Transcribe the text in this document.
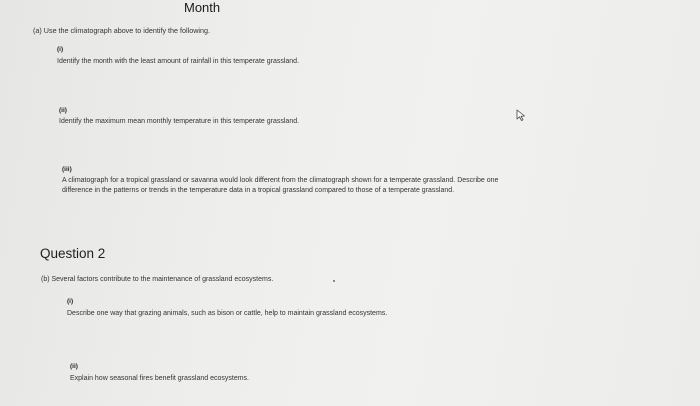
Month
(a) Use the climatograph above to identify the following.
(i)
Identify the month with the least amount of rainfall in this temperate grassland.
(ii)
Identify the maximum mean monthly temperature in this temperate grassland.
(iii)
A climatograph for a tropical grassland or savanna would look different from the climatograph shown for a temperate grassland. Describe one
difference in the patterns or trends in the temperature data in a tropical grassland compared to those of a temperate grassland.
Question 2
(b) Several factors contribute to the maintenance of grassland ecosystems.
(i)
Describe one way that grazing animals, such as bison or cattle, help to maintain grassland ecosystems.
(ii)
Explain how seasonal fires benefit grassland ecosystems.
